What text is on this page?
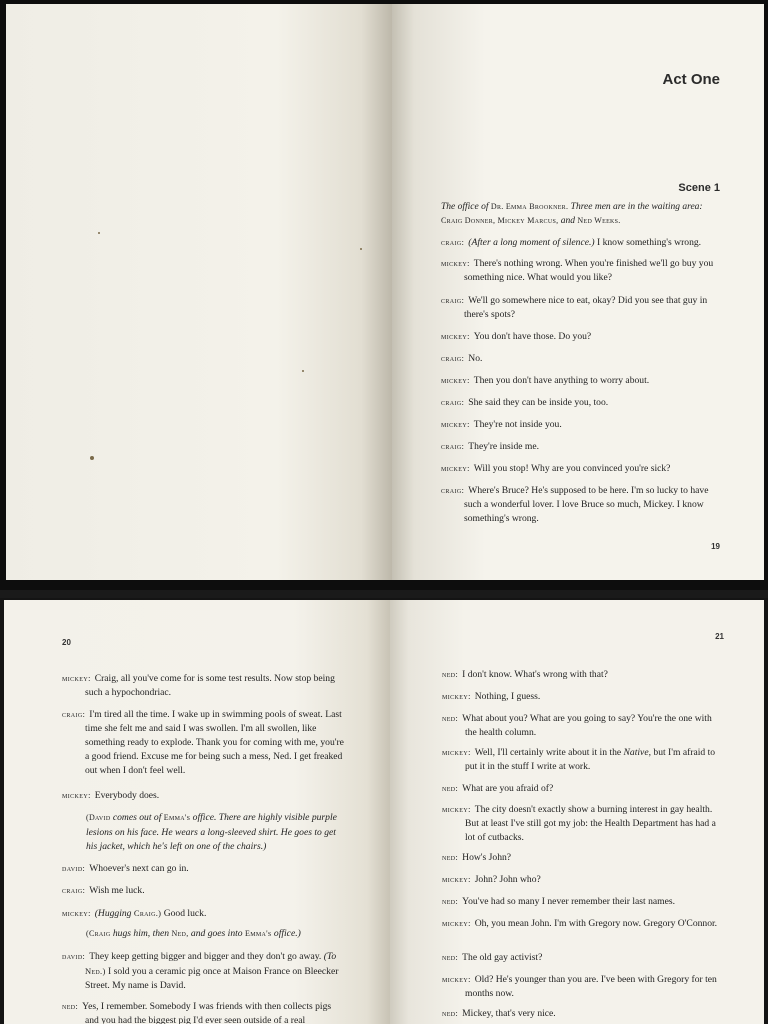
Act One
Scene 1
The office of Dr. Emma Brookner. Three men are in the waiting area: Craig Donner, Mickey Marcus, and Ned Weeks.
craig: (After a long moment of silence.) I know something's wrong.
mickey: There's nothing wrong. When you're finished we'll go buy you something nice. What would you like?
craig: We'll go somewhere nice to eat, okay? Did you see that guy in there's spots?
mickey: You don't have those. Do you?
craig: No.
mickey: Then you don't have anything to worry about.
craig: She said they can be inside you, too.
mickey: They're not inside you.
craig: They're inside me.
mickey: Will you stop! Why are you convinced you're sick?
craig: Where's Bruce? He's supposed to be here. I'm so lucky to have such a wonderful lover. I love Bruce so much, Mickey. I know something's wrong.
19
20
mickey: Craig, all you've come for is some test results. Now stop being such a hypochondriac.
craig: I'm tired all the time. I wake up in swimming pools of sweat. Last time she felt me and said I was swollen. I'm all swollen, like something ready to explode. Thank you for coming with me, you're a good friend. Excuse me for being such a mess, Ned. I get freaked out when I don't feel well.
mickey: Everybody does.
(David comes out of Emma's office. There are highly visible purple lesions on his face. He wears a long-sleeved shirt. He goes to get his jacket, which he's left on one of the chairs.)
david: Whoever's next can go in.
craig: Wish me luck.
mickey: (Hugging Craig.) Good luck.
(Craig hugs him, then Ned, and goes into Emma's office.)
david: They keep getting bigger and bigger and they don't go away. (To Ned.) I sold you a ceramic pig once at Maison France on Bleecker Street. My name is David.
ned: Yes, I remember. Somebody I was friends with then collects pigs and you had the biggest pig I'd ever seen outside of a real
21
ned: I don't know. What's wrong with that?
mickey: Nothing, I guess.
ned: What about you? What are you going to say? You're the one with the health column.
mickey: Well, I'll certainly write about it in the Native, but I'm afraid to put it in the stuff I write at work.
ned: What are you afraid of?
mickey: The city doesn't exactly show a burning interest in gay health. But at least I've still got my job: the Health Department has had a lot of cutbacks.
ned: How's John?
mickey: John? John who?
ned: You've had so many I never remember their last names.
mickey: Oh, you mean John. I'm with Gregory now. Gregory O'Connor.
ned: The old gay activist?
mickey: Old? He's younger than you are. I've been with Gregory for ten months now.
ned: Mickey, that's very nice.
